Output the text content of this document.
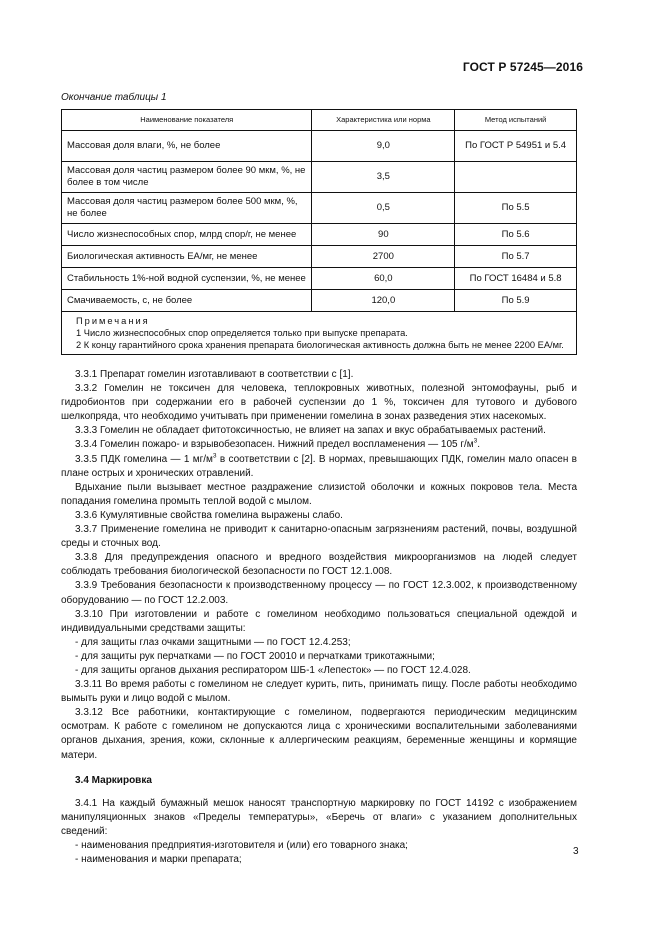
ГОСТ Р 57245—2016
Окончание таблицы 1
Наименование показателя	Характеристика или норма	Метод испытаний
Массовая доля влаги, %, не более	9,0	По ГОСТ Р 54951 и 5.4
Массовая доля частиц размером более 90 мкм, %, не более в том числе	3,5	
Массовая доля частиц размером более 500 мкм, %, не более	0,5	По 5.5
Число жизнеспособных спор, млрд спор/г, не менее	90	По 5.6
Биологическая активность ЕА/мг, не менее	2700	По 5.7
Стабильность 1%-ной водной суспензии, %, не менее	60,0	По ГОСТ 16484 и 5.8
Смачиваемость, с, не более	120,0	По 5.9

Примечания
1 Число жизнеспособных спор определяется только при выпуске препарата.
2 К концу гарантийного срока хранения препарата биологическая активность должна быть не менее 2200 ЕА/мг.		

3.3.1 Препарат гомелин изготавливают в соответствии с [1].

3.3.2 Гомелин не токсичен для человека, теплокровных животных, полезной энтомофауны, рыб и гидробионтов при содержании его в рабочей суспензии до 1 %, токсичен для тутового и дубового шелкопряда, что необходимо учитывать при применении гомелина в зонах разведения этих насекомых.

3.3.3 Гомелин не обладает фитотоксичностью, не влияет на запах и вкус обрабатываемых растений.

3.3.4 Гомелин пожаро- и взрывобезопасен. Нижний предел воспламенения — 105 $г/м^3$.

3.3.5 ПДК гомелина — 1 $мг/м^3$ в соответствии с [2]. В нормах, превышающих ПДК, гомелин мало опасен в плане острых и хронических отравлений.

Вдыхание пыли вызывает местное раздражение слизистой оболочки и кожных покровов тела. Места попадания гомелина промыть теплой водой с мылом.

3.3.6 Кумулятивные свойства гомелина выражены слабо.

3.3.7 Применение гомелина не приводит к санитарно-опасным загрязнениям растений, почвы, воздушной среды и сточных вод.

3.3.8 Для предупреждения опасного и вредного воздействия микроорганизмов на людей следует соблюдать требования биологической безопасности по ГОСТ 12.1.008.

3.3.9 Требования безопасности к производственному процессу — по ГОСТ 12.3.002, к производственному оборудованию — по ГОСТ 12.2.003.

3.3.10 При изготовлении и работе с гомелином необходимо пользоваться специальной одеждой и индивидуальными средствами защиты:

- для защиты глаз очками защитными — по ГОСТ 12.4.253;

- для защиты рук перчатками — по ГОСТ 20010 и перчатками трикотажными;

- для защиты органов дыхания респиратором ШБ-1 «Лепесток» — по ГОСТ 12.4.028.

3.3.11 Во время работы с гомелином не следует курить, пить, принимать пищу. После работы необходимо вымыть руки и лицо водой с мылом.

3.3.12 Все работники, контактирующие с гомелином, подвергаются периодическим медицинским осмотрам. К работе с гомелином не допускаются лица с хроническими воспалительными заболеваниями органов дыхания, зрения, кожи, склонные к аллергическим реакциям, беременные женщины и кормящие матери.

3.4 Маркировка

3.4.1 На каждый бумажный мешок наносят транспортную маркировку по ГОСТ 14192 с изображением манипуляционных знаков «Пределы температуры», «Беречь от влаги» с указанием дополнительных сведений:

- наименования предприятия-изготовителя и (или) его товарного знака;

- наименования и марки препарата;

3
